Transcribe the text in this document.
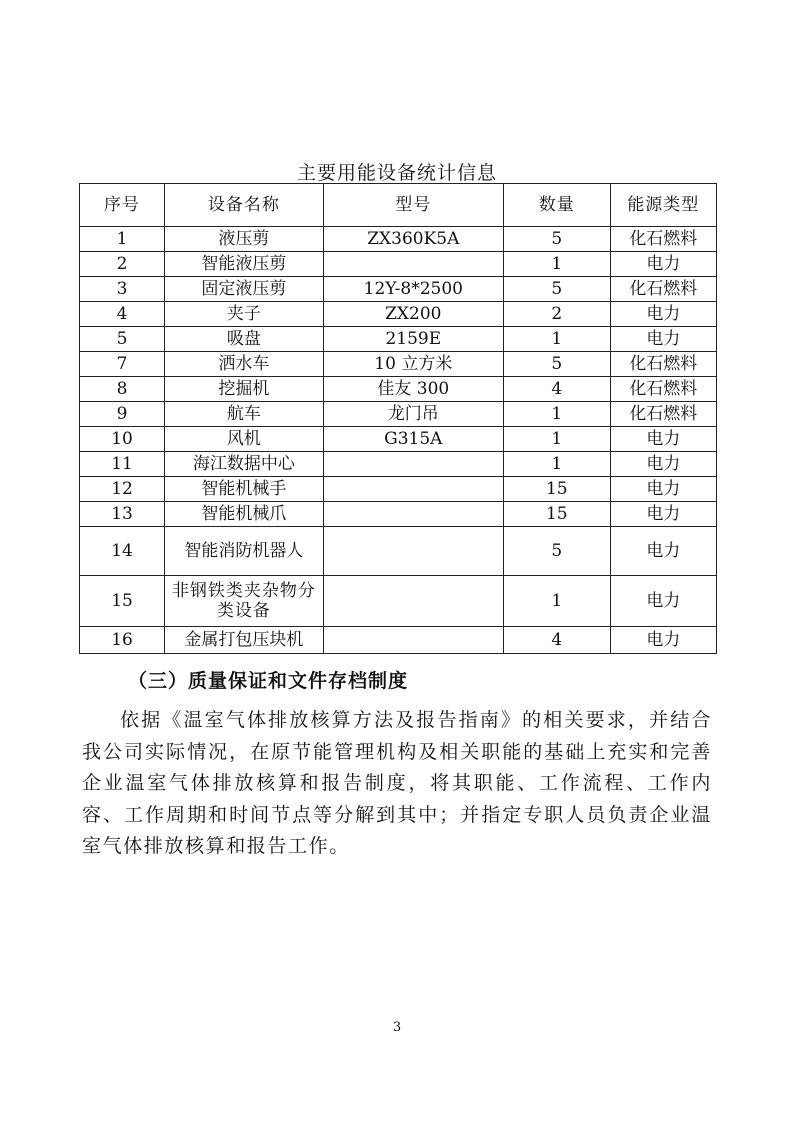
主要用能设备统计信息
序号	设备名称	型号	数量	能源类型
1	液压剪	ZX360K5A	5	化石燃料
2	智能液压剪		1	电力
3	固定液压剪	12Y-8*2500	5	化石燃料
4	夹子	ZX200	2	电力
5	吸盘	2159E	1	电力
7	洒水车	10 立方米	5	化石燃料
8	挖掘机	佳友 300	4	化石燃料
9	航车	龙门吊	1	化石燃料
10	风机	G315A	1	电力
11	海江数据中心		1	电力
12	智能机械手		15	电力
13	智能机械爪		15	电力
14	智能消防机器人		5	电力
15	非钢铁类夹杂物分类设备		1	电力
16	金属打包压块机		4	电力
（三）质量保证和文件存档制度
依据《温室气体排放核算方法及报告指南》的相关要求，并结合我公司实际情况，在原节能管理机构及相关职能的基础上充实和完善企业温室气体排放核算和报告制度，将其职能、工作流程、工作内容、工作周期和时间节点等分解到其中；并指定专职人员负责企业温室气体排放核算和报告工作。
3
